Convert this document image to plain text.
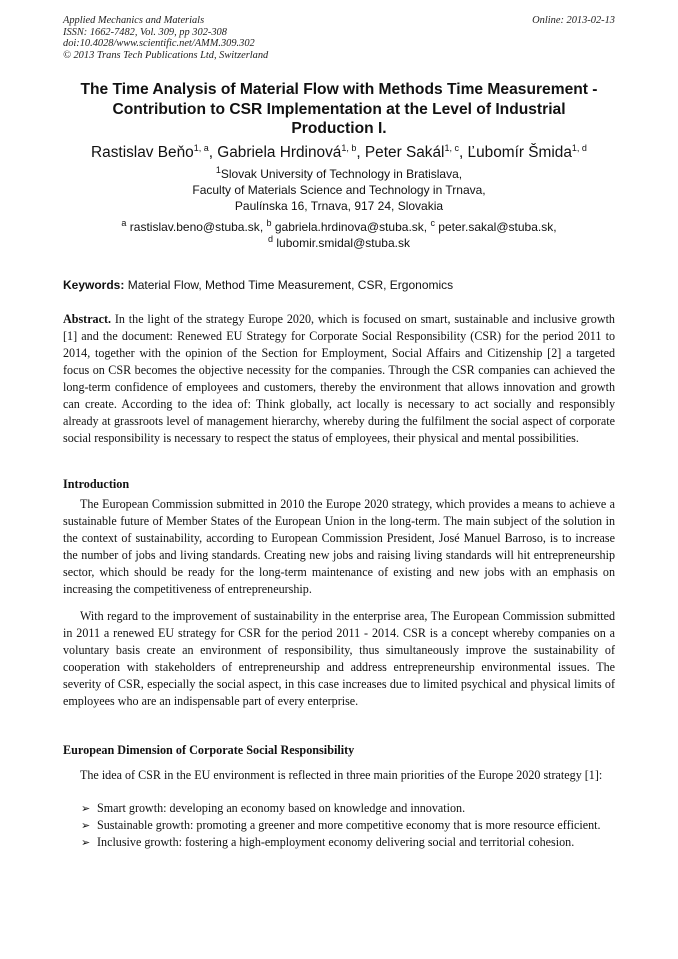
Applied Mechanics and Materials
ISSN: 1662-7482, Vol. 309, pp 302-308
doi:10.4028/www.scientific.net/AMM.309.302
© 2013 Trans Tech Publications Ltd, Switzerland
Online: 2013-02-13
The Time Analysis of Material Flow with Methods Time Measurement - Contribution to CSR Implementation at the Level of Industrial Production I.
Rastislav Beňo$^{1, a}$, Gabriela Hrdinová$^{1, b}$, Peter Sakál$^{1, c}$, Ľubomír Šmida$^{1, d}$
$^1$Slovak University of Technology in Bratislava,
Faculty of Materials Science and Technology in Trnava,
Paulínska 16, Trnava, 917 24, Slovakia
$^a$ rastislav.beno@stuba.sk, $^b$ gabriela.hrdinova@stuba.sk, $^c$ peter.sakal@stuba.sk,
$^d$ lubomir.smidal@stuba.sk
Keywords: Material Flow, Method Time Measurement, CSR, Ergonomics
Abstract. In the light of the strategy Europe 2020, which is focused on smart, sustainable and inclusive growth [1] and the document: Renewed EU Strategy for Corporate Social Responsibility (CSR) for the period 2011 to 2014, together with the opinion of the Section for Employment, Social Affairs and Citizenship [2] a targeted focus on CSR becomes the objective necessity for the companies. Through the CSR companies can achieved the long-term confidence of employees and customers, thereby the environment that allows innovation and growth can create. According to the idea of: Think globally, act locally is necessary to act socially and responsibly already at grassroots level of management hierarchy, whereby during the fulfilment the social aspect of corporate social responsibility is necessary to respect the status of employees, their physical and mental possibilities.
Introduction
The European Commission submitted in 2010 the Europe 2020 strategy, which provides a means to achieve a sustainable future of Member States of the European Union in the long-term. The main subject of the solution in the context of sustainability, according to European Commission President, José Manuel Barroso, is to increase the number of jobs and living standards. Creating new jobs and raising living standards will hit entrepreneurship sector, which should be ready for the long-term maintenance of existing and new jobs with an emphasis on increasing the competitiveness of entrepreneurship.
With regard to the improvement of sustainability in the enterprise area, The European Commission submitted in 2011 a renewed EU strategy for CSR for the period 2011 - 2014. CSR is a concept whereby companies on a voluntary basis create an environment of responsibility, thus simultaneously improve the sustainability of cooperation with stakeholders of entrepreneurship and address entrepreneurship environmental issues. The severity of CSR, especially the social aspect, in this case increases due to limited psychical and physical limits of employees who are an indispensable part of every enterprise.
European Dimension of Corporate Social Responsibility
The idea of CSR in the EU environment is reflected in three main priorities of the Europe 2020 strategy [1]:
➢ Smart growth: developing an economy based on knowledge and innovation.
➢ Sustainable growth: promoting a greener and more competitive economy that is more resource efficient.
➢ Inclusive growth: fostering a high-employment economy delivering social and territorial cohesion.
